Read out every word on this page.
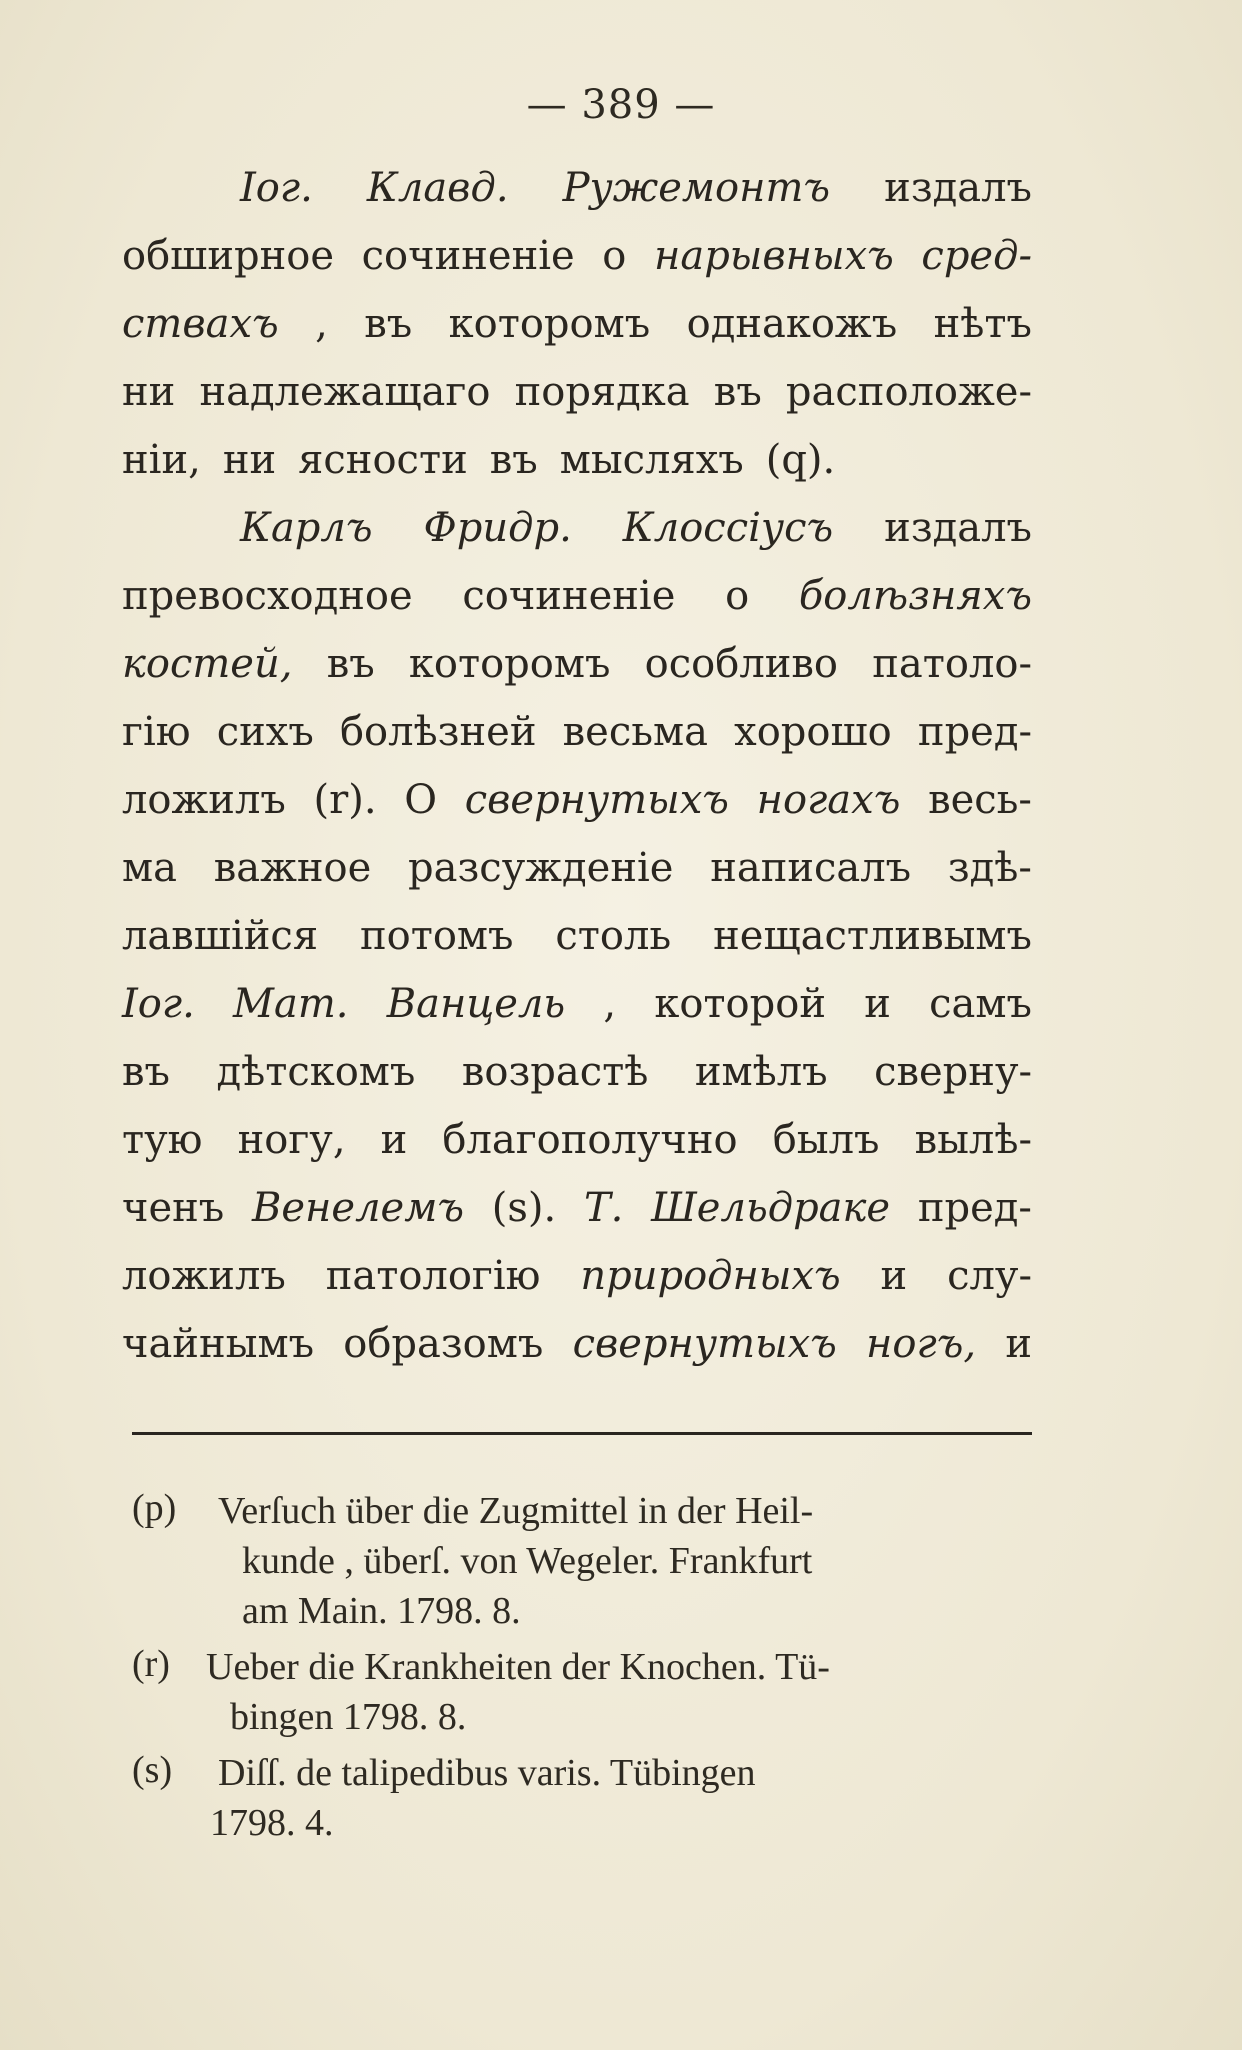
— 389 —
Іог. Клавд. Ружемонтъ издалъ
обширное сочиненіе о нарывныхъ сред-
ствахъ , въ которомъ однакожъ нѣтъ
ни надлежащаго порядка въ расположе-
ніи, ни ясности въ мысляхъ (q).
Карлъ Фридр. Клоссіусъ издалъ
превосходное сочиненіе о болѣзняхъ
костей, въ которомъ особливо патоло-
гію сихъ болѣзней весьма хорошо пред-
ложилъ (r). О свернутыхъ ногахъ весь-
ма важное разсужденіе написалъ здѣ-
лавшійся потомъ столь нещастливымъ
Іог. Мат. Ванцель , которой и самъ
въ дѣтскомъ возрастѣ имѣлъ сверну-
тую ногу, и благополучно былъ вылѣ-
ченъ Венелемъ (s). Т. Шельдраке пред-
ложилъ патологію природныхъ и слу-
чайнымъ образомъ свернутыхъ ногъ, и
(p)	Verſuch über die Zugmittel in der Heil-
kunde , überſ. von Wegeler. Frankfurt
am Main. 1798. 8.
(r) Ueber die Krankheiten der Knochen. Tü-
bingen 1798. 8.
(s)	Diſſ. de talipedibus varis. Tübingen
1798. 4.
